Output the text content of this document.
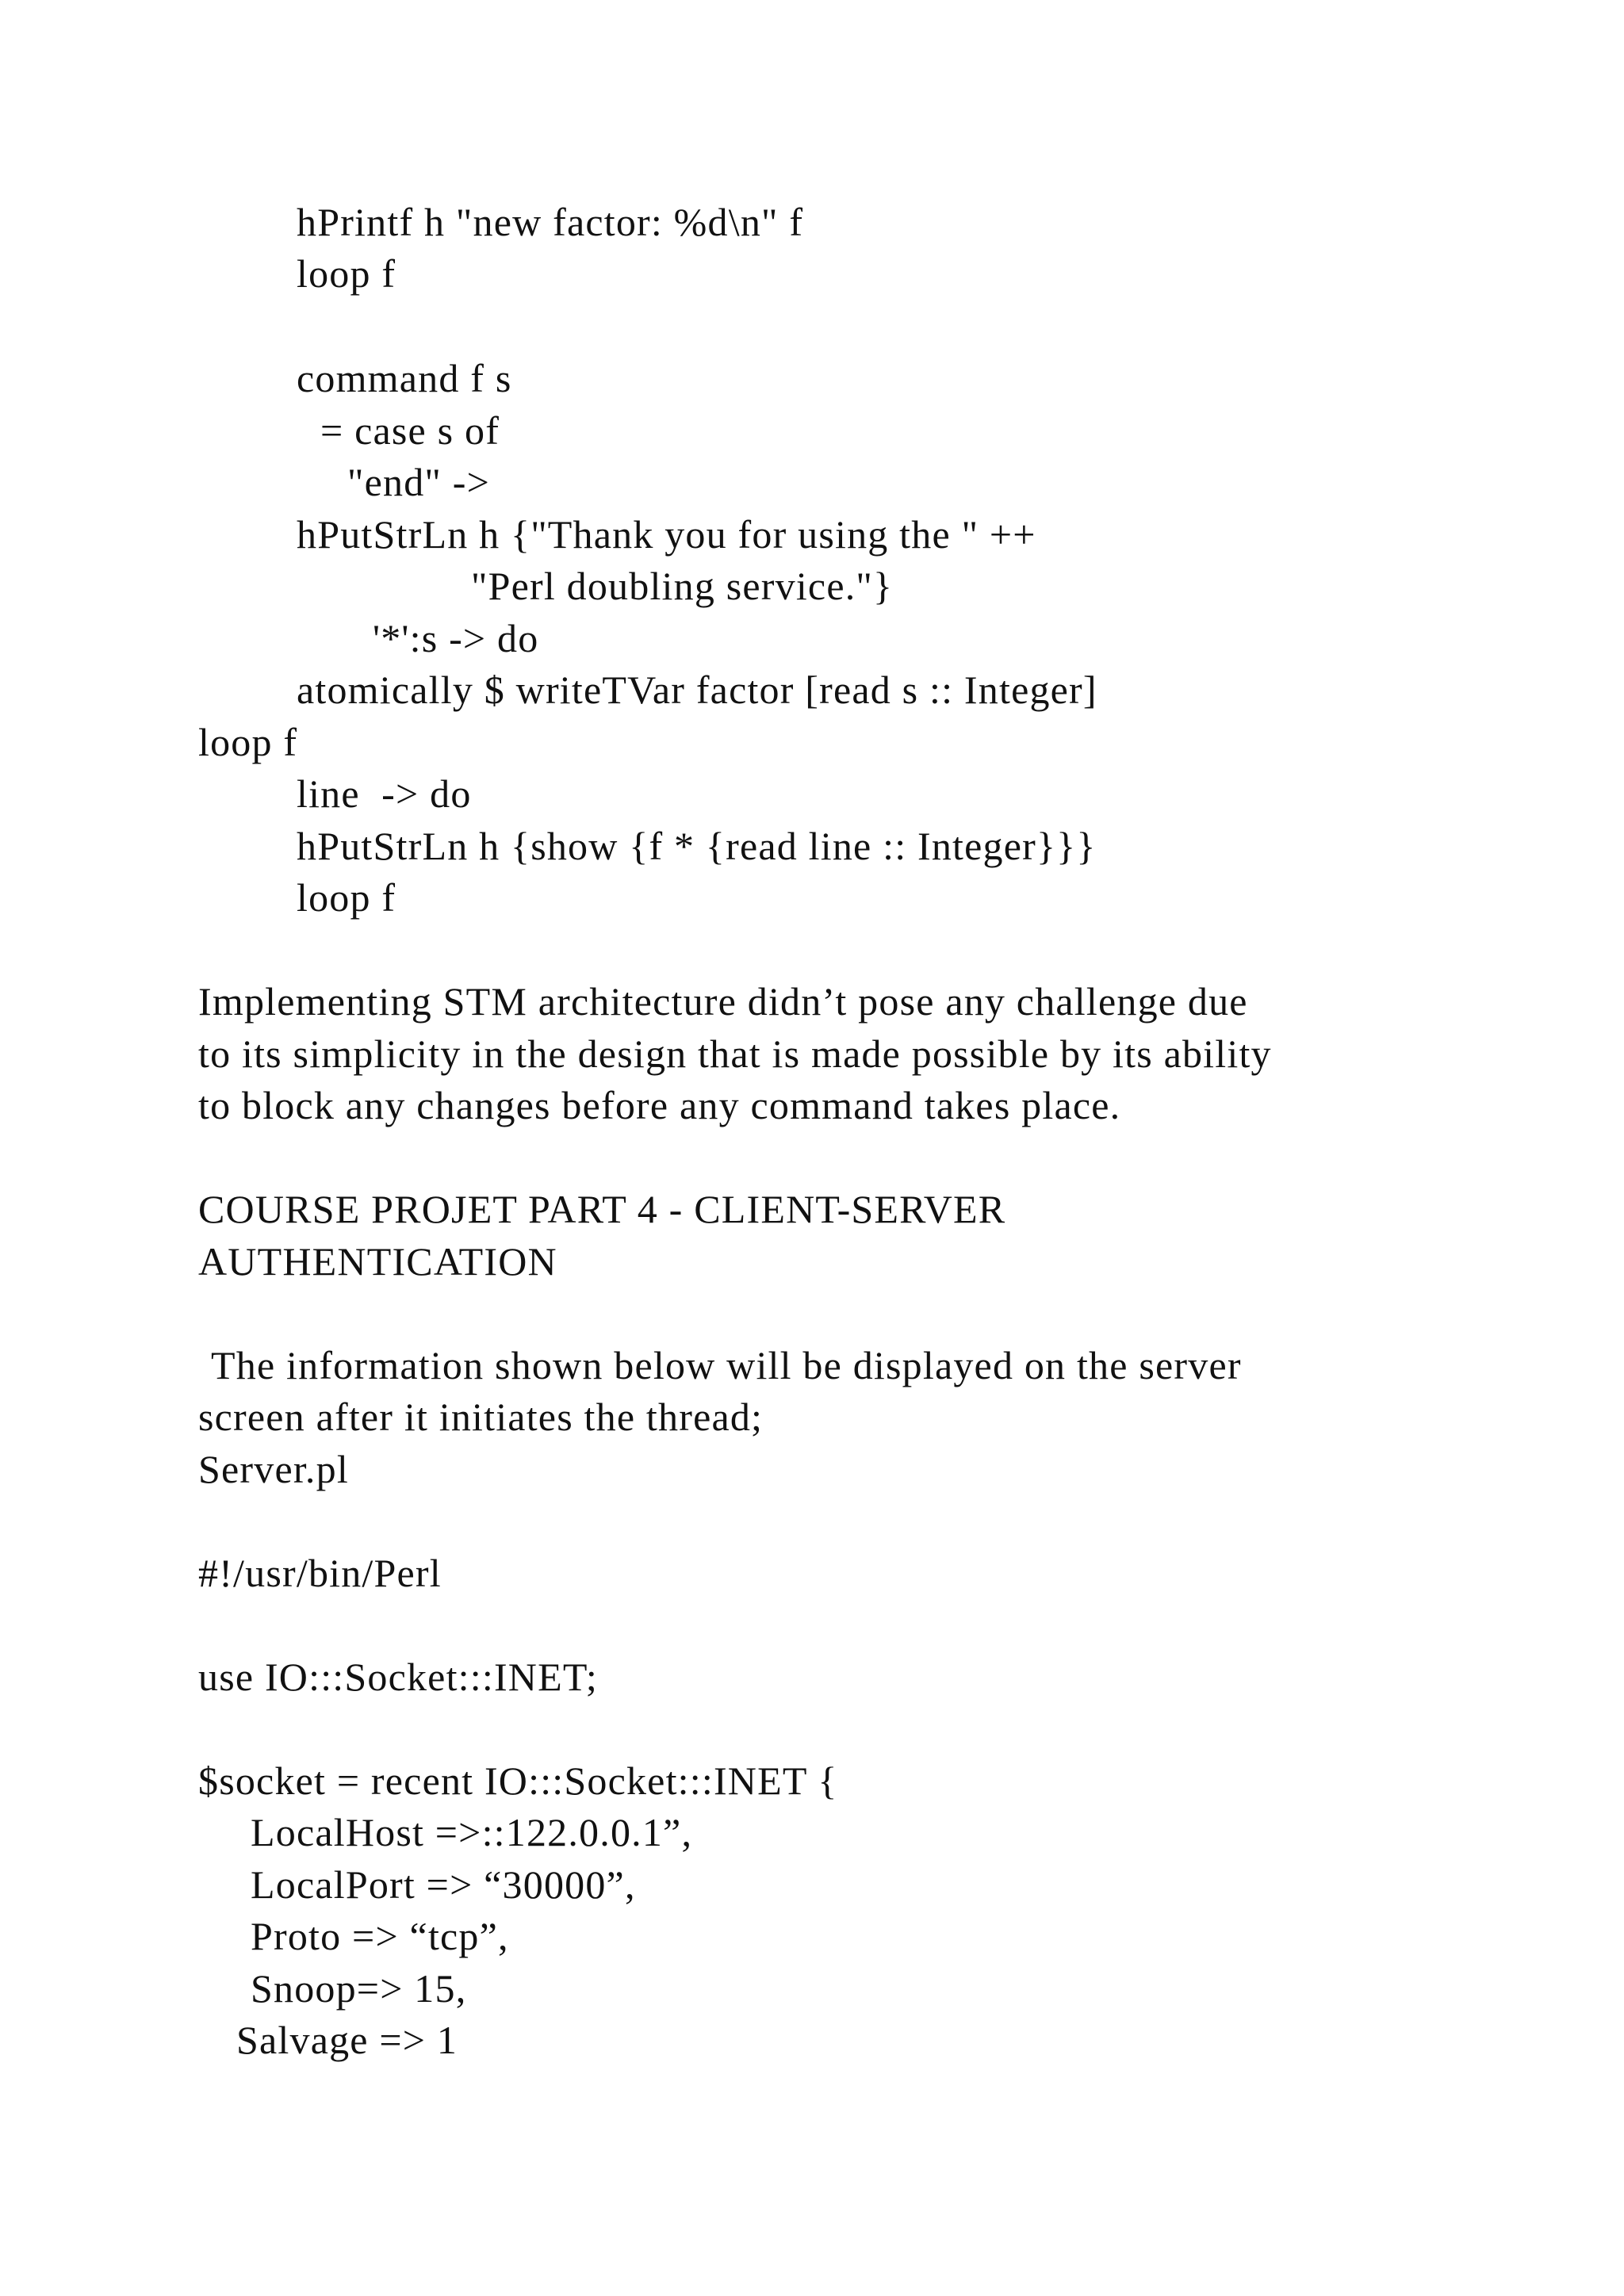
hPrintf h "new factor: %d\n" f
loop f
command f s
= case s of
"end" ->
hPutStrLn h {"Thank you for using the " ++
"Perl doubling service."}
'*':s -> do
atomically $ writeTVar factor [read s :: Integer]
loop f
line  -> do
hPutStrLn h {show {f * {read line :: Integer}}}
loop f
Implementing STM architecture didn’t pose any challenge due
to its simplicity in the design that is made possible by its ability
to block any changes before any command takes place.
COURSE PROJET PART 4 - CLIENT-SERVER
AUTHENTICATION
The information shown below will be displayed on the server
screen after it initiates the thread;
Server.pl
#!/usr/bin/Perl
use IO:::Socket:::INET;
$socket = recent IO:::Socket:::INET {
LocalHost =>::122.0.0.1”,
LocalPort => “30000”,
Proto => “tcp”,
Snoop=> 15,
Salvage => 1
